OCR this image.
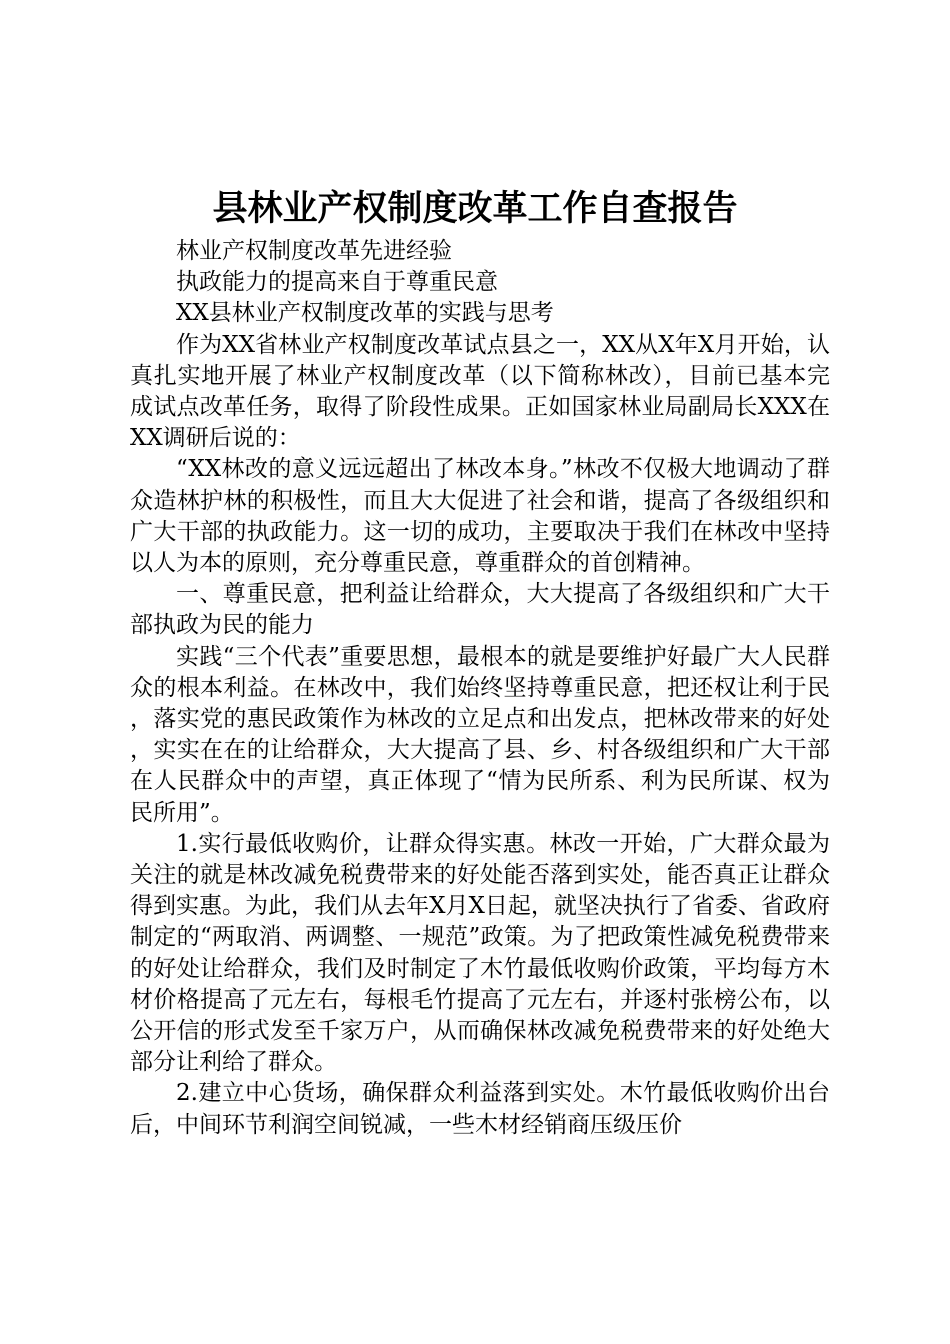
县林业产权制度改革工作自查报告

林业产权制度改革先进经验

执政能力的提高来自于尊重民意

XX县林业产权制度改革的实践与思考

作为XX省林业产权制度改革试点县之一，XX从X年X月开始，认真扎实地开展了林业产权制度改革（以下简称林改），目前已基本完成试点改革任务，取得了阶段性成果。正如国家林业局副局长XXX在XX调研后说的：

“XX林改的意义远远超出了林改本身。”林改不仅极大地调动了群众造林护林的积极性，而且大大促进了社会和谐，提高了各级组织和广大干部的执政能力。这一切的成功，主要取决于我们在林改中坚持以人为本的原则，充分尊重民意，尊重群众的首创精神。

一、尊重民意，把利益让给群众，大大提高了各级组织和广大干部执政为民的能力

实践“三个代表”重要思想，最根本的就是要维护好最广大人民群众的根本利益。在林改中，我们始终坚持尊重民意，把还权让利于民，落实党的惠民政策作为林改的立足点和出发点，把林改带来的好处，实实在在的让给群众，大大提高了县、乡、村各级组织和广大干部在人民群众中的声望，真正体现了“情为民所系、利为民所谋、权为民所用”。

1.实行最低收购价，让群众得实惠。林改一开始，广大群众最为关注的就是林改减免税费带来的好处能否落到实处，能否真正让群众得到实惠。为此，我们从去年X月X日起，就坚决执行了省委、省政府制定的“两取消、两调整、一规范”政策。为了把政策性减免税费带来的好处让给群众，我们及时制定了木竹最低收购价政策，平均每方木材价格提高了元左右，每根毛竹提高了元左右，并逐村张榜公布，以公开信的形式发至千家万户，从而确保林改减免税费带来的好处绝大部分让利给了群众。

2.建立中心货场，确保群众利益落到实处。木竹最低收购价出台后，中间环节利润空间锐减，一些木材经销商压级压价
